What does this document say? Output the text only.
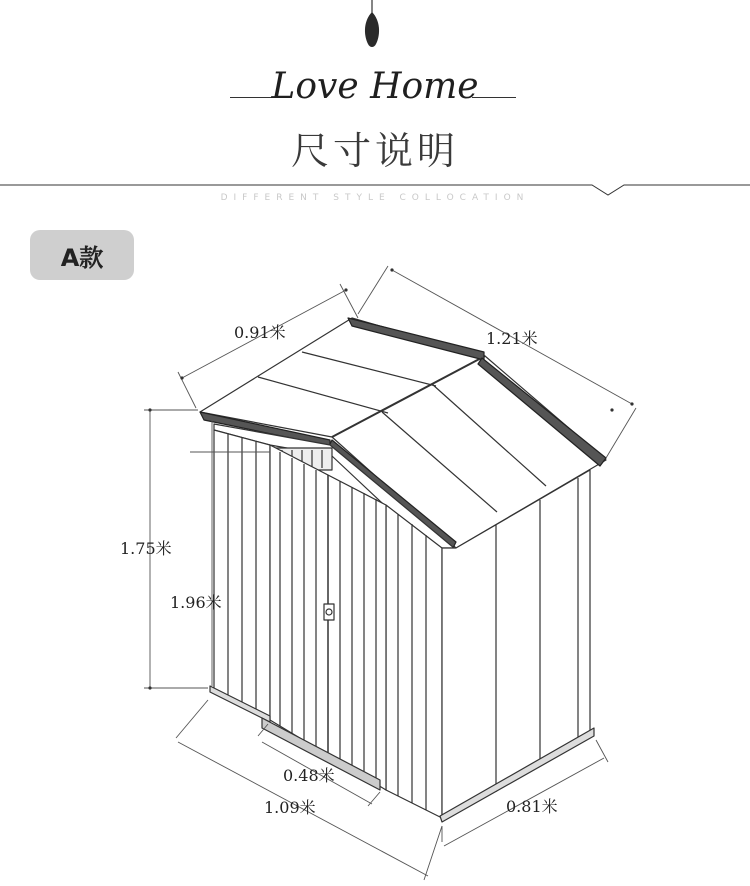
Love Home
尺寸说明
DIFFERENT STYLE COLLOCATION
A款
0.91米	1.21米
1.75米
1.96米
0.48米
1.09米	0.81米
